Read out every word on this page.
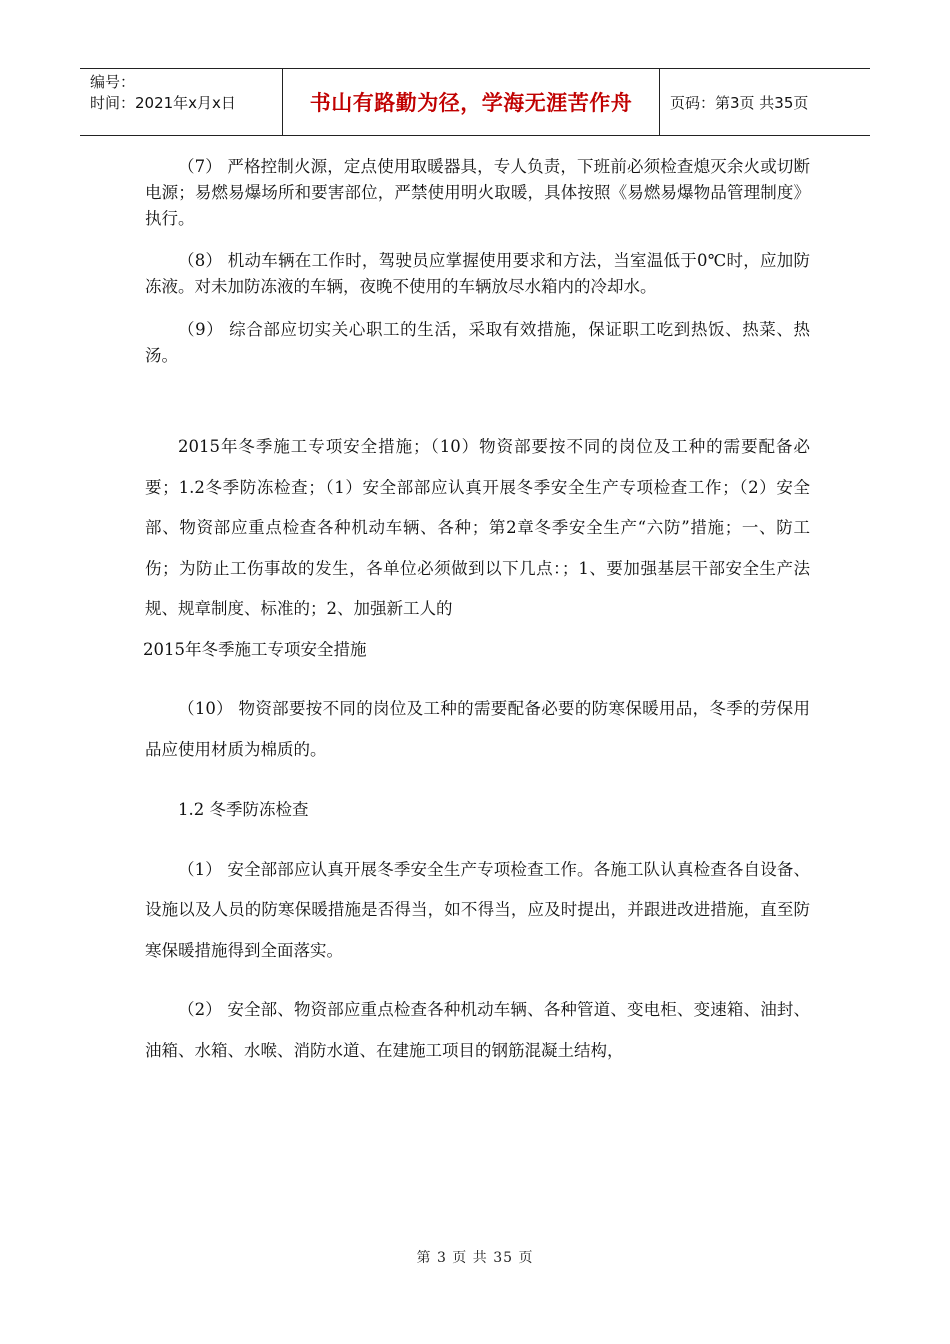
编号：
时间：2021年x月x日	书山有路勤为径，学海无涯苦作舟	页码：第3页 共35页

（7） 严格控制火源，定点使用取暖器具，专人负责，下班前必须检查熄灭余火或切断电源；易燃易爆场所和要害部位，严禁使用明火取暖，具体按照《易燃易爆物品管理制度》执行。

（8） 机动车辆在工作时，驾驶员应掌握使用要求和方法，当室温低于0℃时，应加防冻液。对未加防冻液的车辆，夜晚不使用的车辆放尽水箱内的冷却水。

（9） 综合部应切实关心职工的生活，采取有效措施，保证职工吃到热饭、热菜、热汤。

2015年冬季施工专项安全措施；（10）物资部要按不同的岗位及工种的需要配备必要；1.2冬季防冻检查；（1）安全部部应认真开展冬季安全生产专项检查工作；（2）安全部、物资部应重点检查各种机动车辆、各种；第2章冬季安全生产“六防”措施；一、防工伤；为防止工伤事故的发生，各单位必须做到以下几点：；1、要加强基层干部安全生产法规、规章制度、标准的；2、加强新工人的

2015年冬季施工专项安全措施

（10） 物资部要按不同的岗位及工种的需要配备必要的防寒保暖用品，冬季的劳保用品应使用材质为棉质的。

1.2 冬季防冻检查

（1） 安全部部应认真开展冬季安全生产专项检查工作。各施工队认真检查各自设备、设施以及人员的防寒保暖措施是否得当，如不得当，应及时提出，并跟进改进措施，直至防寒保暖措施得到全面落实。

（2） 安全部、物资部应重点检查各种机动车辆、各种管道、变电柜、变速箱、油封、油箱、水箱、水喉、消防水道、在建施工项目的钢筋混凝土结构，

第 3 页 共 35 页
